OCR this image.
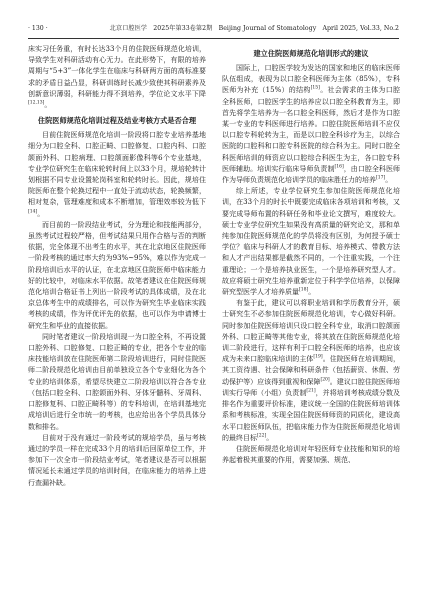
· 130 ·	北京口腔医学　2025年第33卷第2期　Beijing Journal of Stomatology　April 2025, Vol.33, No.2

床实习任务重，有时长达33个月的住院医师规范化培训，导致学生对科研活动有心无力。在此形势下，有限的培养周期与“5+3”一体化学生在临床与科研两方面的高标准要求的矛盾日益凸显，科研训练时长减少致使其科研素养及创新意识薄弱，科研能力得不到培养，学位论文水平下降[12,13]。

住院医师规范化培训过程及结业考核方式是否合理

目前住院医师规范化培训一阶段将口腔专业培养基地细分为口腔全科、口腔正畸、口腔修复、口腔内科、口腔颌面外科、口腔病理、口腔颌面影像科等6个专业基地，专业学位研究生在临床轮转时间上以33个月，规培轮转计划根据不同专业设置轮岗科室和轮转时长。因此，规培住院医师在整个轮换过程中一直处于流动状态，轮换频繁，相对复杂，管理难度和成本不断增加，管理效率较为低下[14]。

而目前的一阶段结业考试，分为理论和技能两部分，虽然考试过程较严格，但考试结果只用作合格与否的判断依据，完全体现不出考生的水平，其在北京地区住院医师一阶段考核的通过率大约为93%~95%，难以作为完成一阶段培训后水平的认证，在北京地区住院医师中临床能力好的比较中，对临床水平依据。故笔者建议在住院医师规范化培训合格证书上列出一阶段考试的具体成绩，及在北京总体考生中的成绩排名，可以作为研究生毕业临床实践考核的成绩，作为评优评先的依据，也可以作为申请博士研究生和毕业的直接依据。

同时笔者建议一阶段培训现一为口腔全科，不再设置口腔外科、口腔修复、口腔正畸的专业，把各个专业的临床技能培训放在住院医师第二阶段培训进行，同时住院医师二阶段规范化培训由目前单独设立各个专业细化为各个专业的培训体系，希望尽快建立二阶段培训以符合各专业（包括口腔全科、口腔颌面外科、牙体牙髓科、牙周科、口腔修复科、口腔正畸科等）的专科培训，在培训基地完成培训后进行全市统一的考核，也应给出各个学员具体分数和排名。

目前对于没有通过一阶段考试的规培学员，虽与考核通过的学员一样在完成33个月的培训后回原单位工作，并参加下一次全市一阶段结业考试，笔者建议是否可以根据情况延长未通过学员的培训时间，在临床能力的培养上进行查漏补缺。

建立住院医师规范化培训形式的建议

国际上，口腔医学较为发达的国家和地区的临床医师队伍组成，表现为以口腔全科医师为主体（85%），专科医师为补充（15%）的结构[15]。社会需求的主体为口腔全科医师，口腔医学生的培养应以口腔全科教育为主，即首先将学生培养为一名口腔全科医师，然后才是作为口腔某一专业的专科医师进行培养。口腔住院医师培训不应仅以口腔专科轮转为主，而是以口腔全科诊疗为主，以综合医院的口腔科和口腔专科医院的综合科为主。同时口腔全科医师培训的师资应以口腔综合科医生为主，各口腔专科医师辅助。培训实行临床导师负责制[16]，由口腔全科医师作为导师负责规范化培训学员的临床胜任力的培养[17]。

综上所述，专业学位研究生参加住院医师规范化培训，在33个月的时长中既要完成临床各项培训和考核，又要完成导师布置的科研任务和毕业论文撰写，难度较大。硕士专业学位研究生如果没有高质量的研究论文，那和单纯参加住院医师规范化的学员将没有区别，为何授予硕士学位？临床与科研人才的教育目标、培养模式、带教方法和人才产出结果都是截然不同的，一个注重实践，一个注重理论；一个是培养执业医生，一个是培养研究型人才。故应将硕士研究生培养重新定位于科学学位培养，以保障研究型医学人才培养质量[18]。

有鉴于此，建议可以将职业培训和学历教育分开，硕士研究生不必参加住院医师规范化培训，专心做好科研。同时参加住院医师培训只设口腔全科专业，取消口腔颌面外科、口腔正畸等其他专业，将其放在住院医师规范化培训二阶段进行，这样有利于口腔全科医师的培养，也应该成为未来口腔临床培训的主体[19]。住院医师在培训期间，其工资待遇、社会保障和科研条件（包括薪资、休假、劳动保护等）应该得到重视和保障[20]。建议口腔住院医师培训实行导师（小组）负责制[21]，并将培训考核成绩分数及排名作为重要评价标准，建议统一全国的住院医师培训体系和考核标准，实现全国住院医师师资的同质化，建设高水平口腔医师队伍，把临床能力作为住院医师规范化培训的最终目标[22]。

住院医师规范化培训对年轻医师专业技能和知识的培养起着极其重要的作用，需要加强、规范、
